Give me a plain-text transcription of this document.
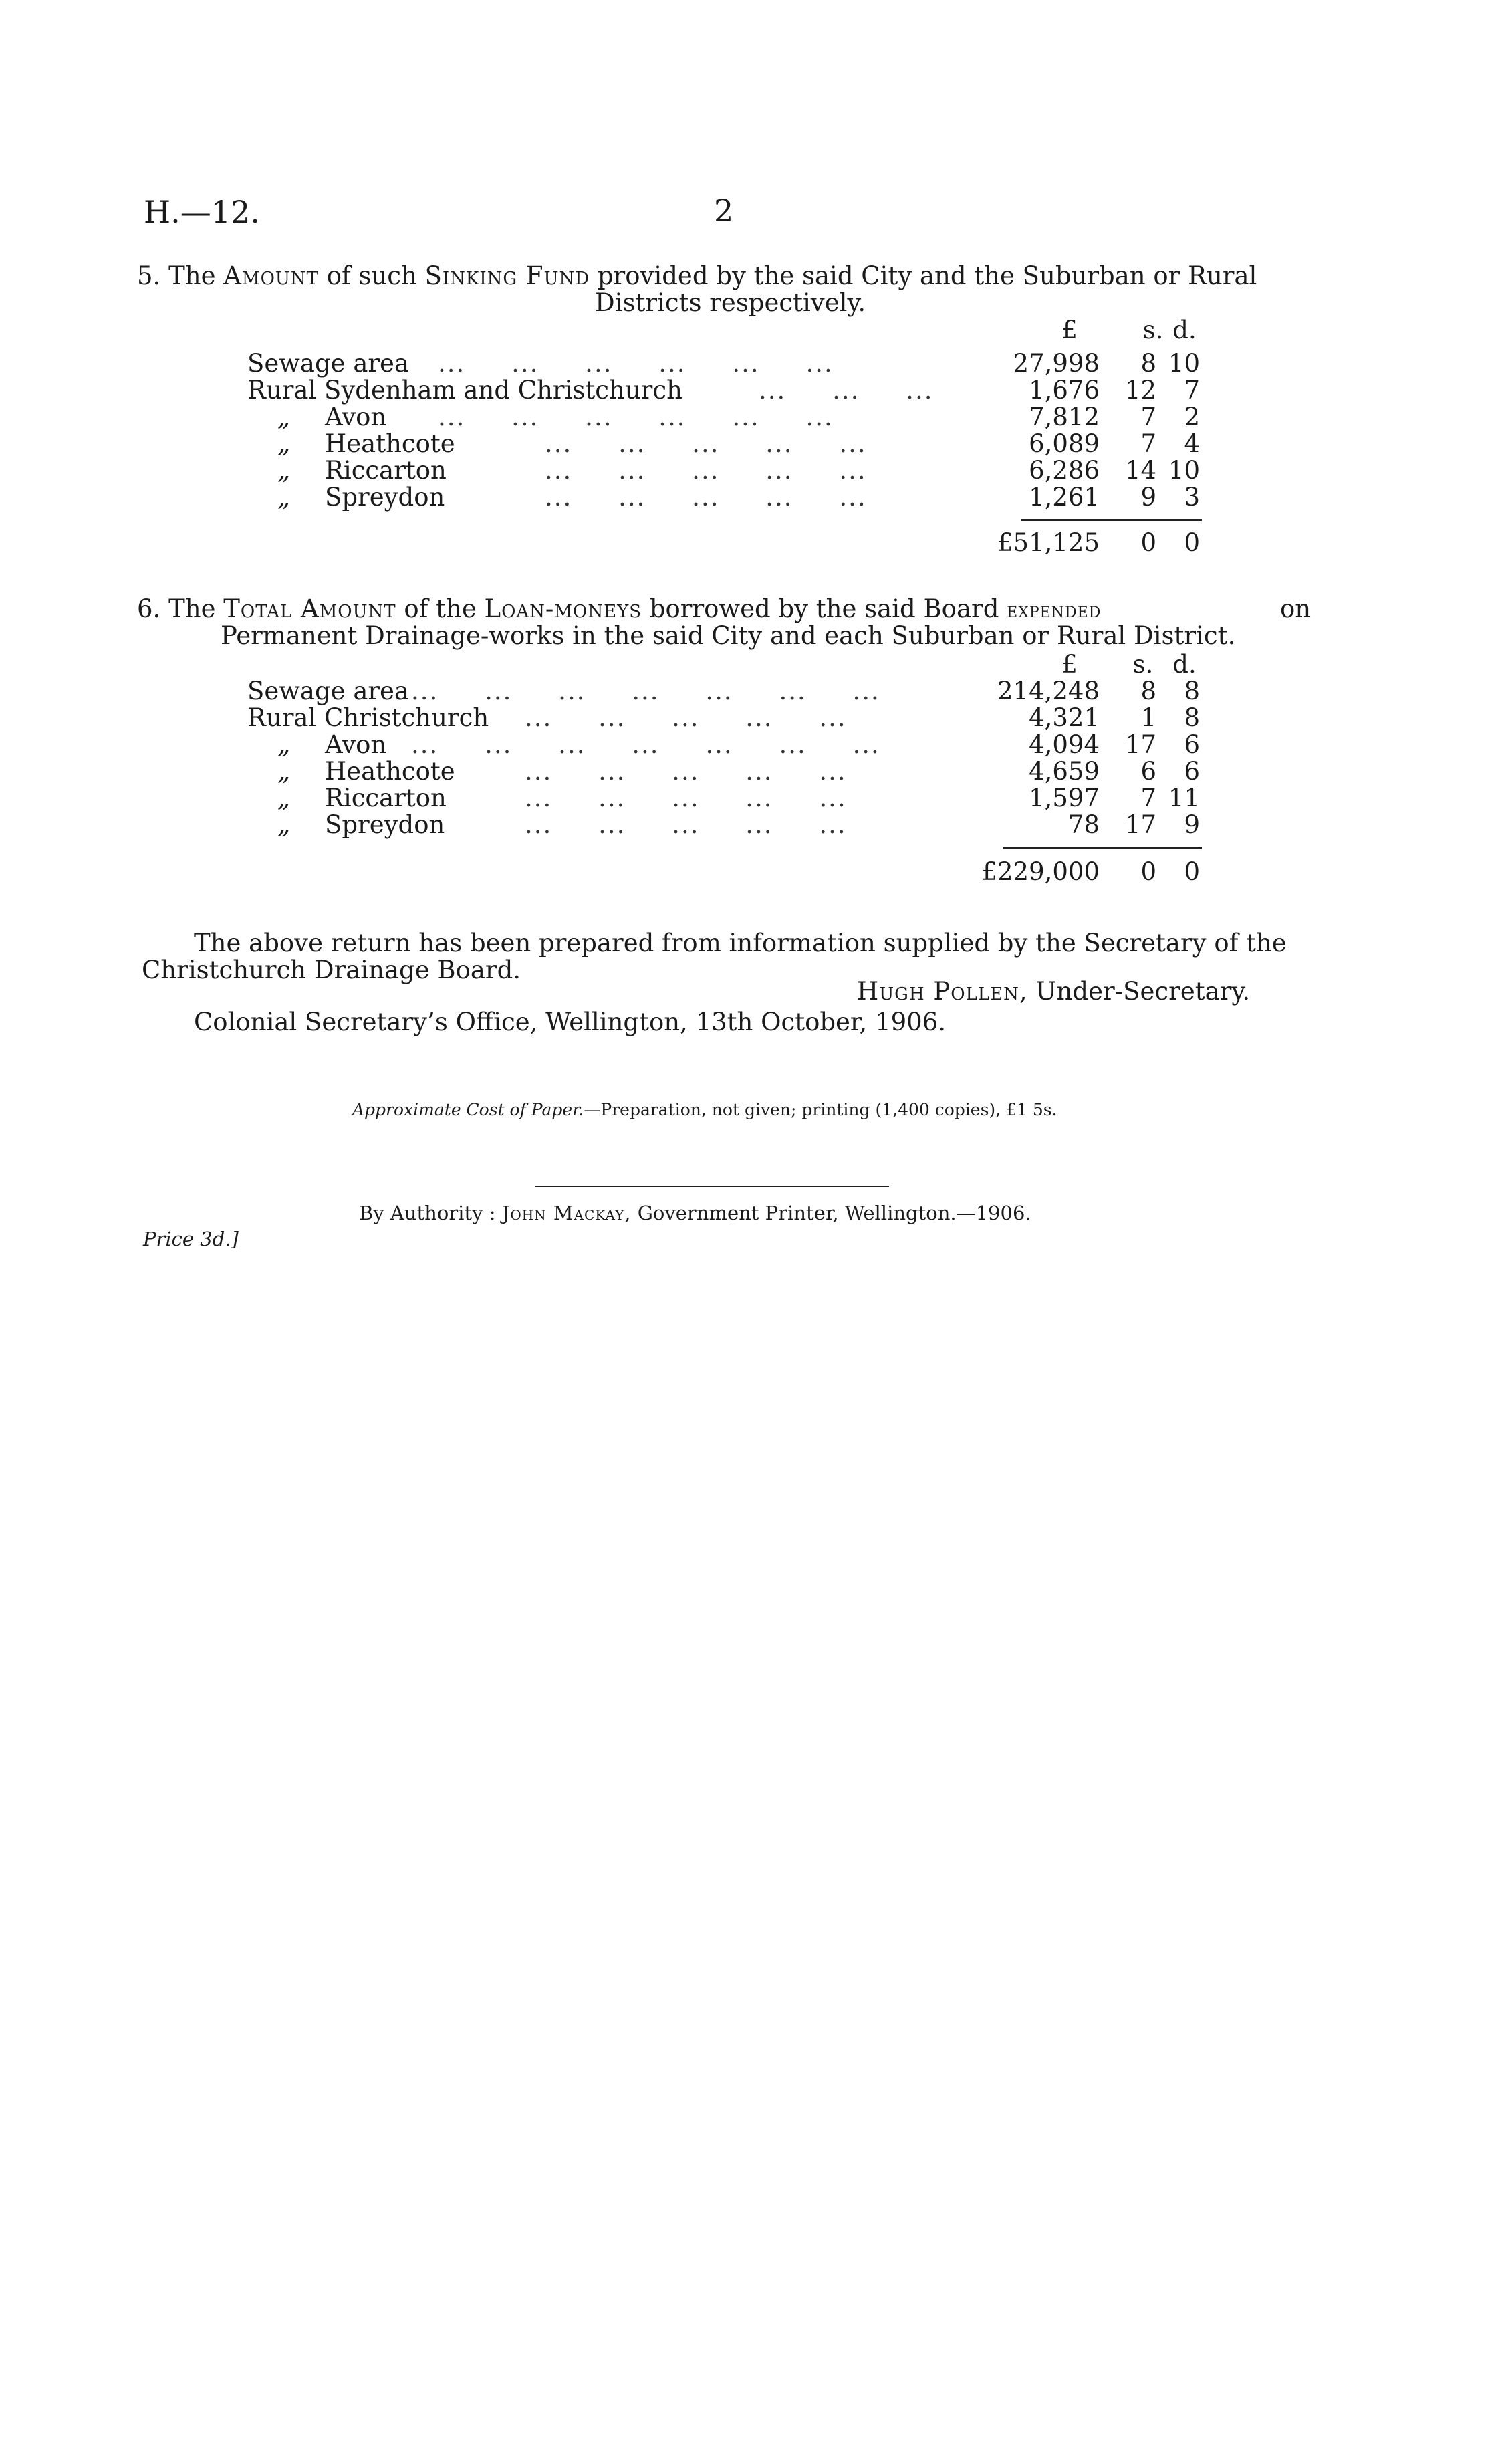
H.—12.	2
5. The Amount of such Sinking Fund provided by the said City and the Suburban or Rural
Districts respectively.
£	s. d.
Sewage area ...     ...     ...     ...     ...     ...	27,998	8 10
Rural Sydenham and Christchurch	...     ...     ...	1,676	12	7
„ Avon ...     ...     ...     ...     ...     ...	7,812	7	2
„ Heathcote	...     ...     ...     ...     ...	6,089	7	4
„ Riccarton	...     ...     ...     ...     ...	6,286	14 10
„ Spreydon	...     ...     ...     ...     ...	1,261	9	3
£51,125	0	0
6. The Total Amount of the Loan-moneys borrowed by the said Board expended	on
Permanent Drainage-works in the said City and each Suburban or Rural District.
£ s. d.
Sewage area ...     ...     ...     ...     ...     ...     ...	214,248	8	8
Rural Christchurch ...     ...     ...     ...     ...	4,321	1	8
„ Avon ...     ...     ...     ...     ...     ...     ...	4,094	17	6
„ Heathcote	...     ...     ...     ...     ...	4,659	6	6
„ Riccarton	...     ...     ...     ...     ...	1,597	7 11
„ Spreydon	...     ...     ...     ...     ...	78	17	9
£229,000	0	0
The above return has been prepared from information supplied by the Secretary of the
Christchurch Drainage Board.
Hugh Pollen, Under-Secretary.
Colonial Secretary’s Office, Wellington, 13th October, 1906.
Approximate Cost of Paper.—Preparation, not given; printing (1,400 copies), £1 5s.
By Authority : John Mackay, Government Printer, Wellington.—1906.
Price 3d.]
